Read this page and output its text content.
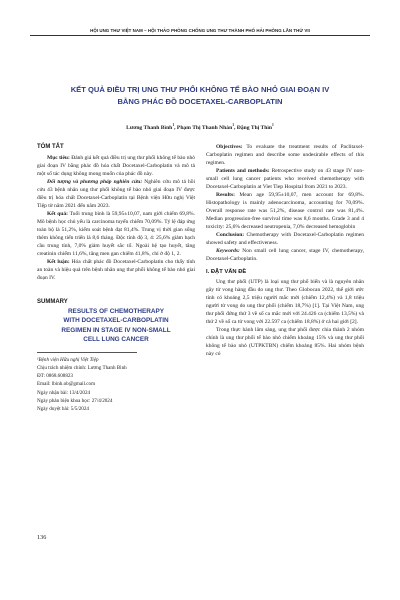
HỘI UNG THƯ VIỆT NAM – HỘI THẢO PHÒNG CHỐNG UNG THƯ THÀNH PHỐ HẢI PHÒNG LẦN THỨ VII
KẾT QUẢ ĐIỀU TRỊ UNG THƯ PHỔI KHÔNG TẾ BÀO NHỎ GIAI ĐOẠN IV
BẰNG PHÁC ĐỒ DOCETAXEL-CARBOPLATIN
Lương Thanh Bình$^1$, Phạm Thị Thanh Nhàn$^1$, Đặng Thị Thìn$^1$
TÓM TẮT

Mục tiêu: Đánh giá kết quả điều trị ung thư phổi không tế bào nhỏ giai đoạn IV bằng phác đồ hóa chất Docetaxel-Carboplatin và mô tả một số tác dụng không mong muốn của phác đồ này.

Đối tượng và phương pháp nghiên cứu: Nghiên cứu mô tả hồi cứu 43 bệnh nhân ung thư phổi không tế bào nhỏ giai đoạn IV được điều trị hóa chất Docetaxel-Carboplatin tại Bệnh viện Hữu nghị Việt Tiệp từ năm 2021 đến năm 2023.

Kết quả: Tuổi trung bình là 59,95±10,07, nam giới chiếm 69,8%. Mô bệnh học chủ yếu là carcinoma tuyến chiếm 70,09%. Tỷ lệ đáp ứng toàn bộ là 51,2%, kiểm soát bệnh đạt 81,4%. Trung vị thời gian sống thêm không tiến triển là 8,6 tháng. Độc tính độ 3, 4: 25,6% giảm bạch cầu trung tính, 7,0% giảm huyết sắc tố. Ngoài hệ tạo huyết, tăng creatinin chiếm 11,6%, tăng men gan chiếm 41,8%, chỉ ở độ 1, 2.

Kết luận: Hóa chất phác đồ Docetaxel-Carboplatin cho thấy tính an toàn và hiệu quả trên bệnh nhân ung thư phổi không tế bào nhỏ giai đoạn IV.

SUMMARY
RESULTS OF CHEMOTHERAPY
WITH DOCETAXEL-CARBOPLATIN
REGIMEN IN STAGE IV NON-SMALL
CELL LUNG CANCER
¹Bệnh viện Hữu nghị Việt Tiệp
Chịu trách nhiệm chính: Lương Thanh Bình
ĐT: 0868.608823
Email: lbinh.ob@gmail.com
Ngày nhận bài: 13/4/2024
Ngày phản biện khoa học: 27/4/2024
Ngày duyệt bài: 5/5/2024

Objectives: To evaluate the treatment results of Paclitaxel-Carboplatin regimen and describe some undesirable effects of this regimen.

Patients and methods: Retrospective study on 43 stage IV non-small cell lung cancer patients who received chemotherapy with Docetaxel-Carboplatin at Viet Tiep Hospital from 2021 to 2023.

Results: Mean age 59,95±10,07, men account for 69,8%. Histopathology is mainly adenocarcinoma, accounting for 70,09%. Overall response rate was 51,2%, disease control rate was 81,4%. Median progression-free survival time was 8,6 months. Grade 3 and 4 toxicity: 25,6% decreased neutropenia, 7,0% decreased hemoglobin

Conclusion: Chemotherapy with Docetaxel-Carboplatin regimen showed safety and effectiveness.

Keywords: Non small cell lung cancer, stage IV, chemotherapy, Docetaxel-Carboplatin.

I. ĐẶT VẤN ĐỀ

Ung thư phổi (UTP) là loại ung thư phổ biến và là nguyên nhân gây tử vong hàng đầu do ung thư. Theo Globocan 2022, thế giới ước tính có khoảng 2,5 triệu người mắc mới (chiếm 12,4%) và 1,8 triệu người tử vong do ung thư phổi (chiếm 18,7%) [1]. Tại Việt Nam, ung thư phổi đứng thứ 3 về số ca mắc mới với 24.426 ca (chiếm 13,5%) và thứ 2 về số ca tử vong với 22.597 ca (chiếm 18,8%) ở cả hai giới [2].

Trong thực hành lâm sàng, ung thư phổi được chia thành 2 nhóm chính là ung thư phổi tế bào nhỏ chiếm khoảng 15% và ung thư phổi không tế bào nhỏ (UTPKTBN) chiếm khoảng 85%. Hai nhóm bệnh này có

136
